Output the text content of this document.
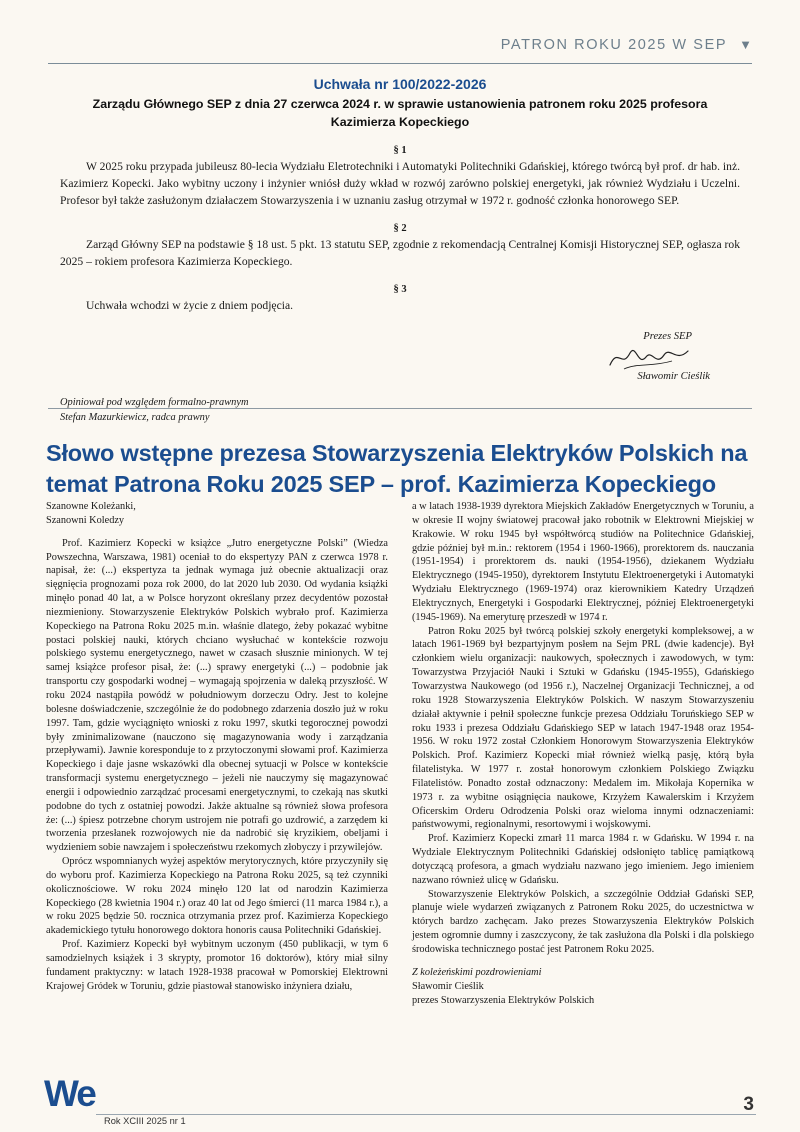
PATRON ROKU 2025 W SEP ▼
Uchwała nr 100/2022-2026
Zarządu Głównego SEP z dnia 27 czerwca 2024 r. w sprawie ustanowienia patronem roku 2025 profesora Kazimierza Kopeckiego
§ 1

W 2025 roku przypada jubileusz 80-lecia Wydziału Eletrotechniki i Automatyki Politechniki Gdańskiej, którego twórcą był prof. dr hab. inż. Kazimierz Kopecki. Jako wybitny uczony i inżynier wniósł duży wkład w rozwój zarówno polskiej energetyki, jak również Wydziału i Uczelni. Profesor był także zasłużonym działaczem Stowarzyszenia i w uznaniu zasług otrzymał w 1972 r. godność członka honorowego SEP.

§ 2

Zarząd Główny SEP na podstawie § 18 ust. 5 pkt. 13 statutu SEP, zgodnie z rekomendacją Centralnej Komisji Historycznej SEP, ogłasza rok 2025 – rokiem profesora Kazimierza Kopeckiego.

§ 3

Uchwała wchodzi w życie z dniem podjęcia.

Prezes SEP
Sławomir Cieślik
Opiniował pod względem formalno-prawnym
Stefan Mazurkiewicz, radca prawny
Słowo wstępne prezesa Stowarzyszenia Elektryków Polskich na temat Patrona Roku 2025 SEP – prof. Kazimierza Kopeckiego

Szanowne Koleżanki,
Szanowni Koledzy

Prof. Kazimierz Kopecki w książce „Jutro energetyczne Polski” (Wiedza Powszechna, Warszawa, 1981) oceniał to do ekspertyzy PAN z czerwca 1978 r. napisał, że: (...) ekspertyza ta jednak wymaga już obecnie aktualizacji oraz sięgnięcia prognozami poza rok 2000, do lat 2020 lub 2030. Od wydania książki minęło ponad 40 lat, a w Polsce horyzont określany przez decydentów pozostał niezmieniony. Stowarzyszenie Elektryków Polskich wybrało prof. Kazimierza Kopeckiego na Patrona Roku 2025 m.in. właśnie dlatego, żeby pokazać wybitne postaci polskiej nauki, których chciano wysłuchać w kontekście rozwoju polskiego systemu energetycznego, nawet w czasach słusznie minionych. W tej samej książce profesor pisał, że: (...) sprawy energetyki (...) – podobnie jak transportu czy gospodarki wodnej – wymagają spojrzenia w daleką przyszłość. W roku 2024 nastąpiła powódź w południowym dorzeczu Odry. Jest to kolejne bolesne doświadczenie, szczególnie że do podobnego zdarzenia doszło już w roku 1997. Tam, gdzie wyciągnięto wnioski z roku 1997, skutki tegorocznej powodzi były zminimalizowane (nauczono się magazynowania wody i zarządzania przepływami). Jawnie koresponduje to z przytoczonymi słowami prof. Kazimierza Kopeckiego i daje jasne wskazówki dla obecnej sytuacji w Polsce w kontekście transformacji systemu energetycznego – jeżeli nie nauczymy się magazynować energii i odpowiednio zarządzać procesami energetycznymi, to czekają nas skutki podobne do tych z ostatniej powodzi. Jakże aktualne są również słowa profesora że: (...) śpiesz potrzebne chorym ustrojem nie potrafi go uzdrowić, a zarzędem ki tworzenia przesłanek rozwojowych nie da nadrobić się kryzikiem, obeljami i wydzieniem sobie nawzajem i społeczeństwu rzekomych złobyczy i przywilejów.

Oprócz wspomnianych wyżej aspektów merytorycznych, które przyczyniły się do wyboru prof. Kazimierza Kopeckiego na Patrona Roku 2025, są też czynniki okolicznościowe. W roku 2024 minęło 120 lat od narodzin Kazimierza Kopeckiego (28 kwietnia 1904 r.) oraz 40 lat od Jego śmierci (11 marca 1984 r.), a w roku 2025 będzie 50. rocznica otrzymania przez prof. Kazimierza Kopeckiego akademickiego tytułu honorowego doktora honoris causa Politechniki Gdańskiej.

Prof. Kazimierz Kopecki był wybitnym uczonym (450 publikacji, w tym 6 samodzielnych książek i 3 skrypty, promotor 16 doktorów), który miał silny fundament praktyczny: w latach 1928-1938 pracował w Pomorskiej Elektrowni Krajowej Gródek w Toruniu, gdzie piastował stanowisko inżyniera działu,

a w latach 1938-1939 dyrektora Miejskich Zakładów Energetycznych w Toruniu, a w okresie II wojny światowej pracował jako robotnik w Elektrowni Miejskiej w Krakowie. W roku 1945 był współtwórcą studiów na Politechnice Gdańskiej, gdzie później był m.in.: rektorem (1954 i 1960-1966), prorektorem ds. nauczania (1951-1954) i prorektorem ds. nauki (1954-1956), dziekanem Wydziału Elektrycznego (1945-1950), dyrektorem Instytutu Elektroenergetyki i Automatyki Wydziału Elektrycznego (1969-1974) oraz kierownikiem Katedry Urządzeń Elektrycznych, Energetyki i Gospodarki Elektrycznej, później Elektroenergetyki (1945-1969). Na emeryturę przeszedł w 1974 r.

Patron Roku 2025 był twórcą polskiej szkoły energetyki kompleksowej, a w latach 1961-1969 był bezpartyjnym posłem na Sejm PRL (dwie kadencje). Był członkiem wielu organizacji: naukowych, społecznych i zawodowych, w tym: Towarzystwa Przyjaciół Nauki i Sztuki w Gdańsku (1945-1955), Gdańskiego Towarzystwa Naukowego (od 1956 r.), Naczelnej Organizacji Technicznej, a od roku 1928 Stowarzyszenia Elektryków Polskich. W naszym Stowarzyszeniu działał aktywnie i pełnił społeczne funkcje prezesa Oddziału Toruńskiego SEP w roku 1933 i prezesa Oddziału Gdańskiego SEP w latach 1947-1948 oraz 1954-1956. W roku 1972 został Członkiem Honorowym Stowarzyszenia Elektryków Polskich. Prof. Kazimierz Kopecki miał również wielką pasję, którą była filatelistyka. W 1977 r. został honorowym członkiem Polskiego Związku Filatelistów. Ponadto został odznaczony: Medalem im. Mikołaja Kopernika w 1973 r. za wybitne osiągnięcia naukowe, Krzyżem Kawalerskim i Krzyżem Oficerskim Orderu Odrodzenia Polski oraz wieloma innymi odznaczeniami: państwowymi, regionalnymi, resortowymi i wojskowymi.

Prof. Kazimierz Kopecki zmarł 11 marca 1984 r. w Gdańsku. W 1994 r. na Wydziale Elektrycznym Politechniki Gdańskiej odsłonięto tablicę pamiątkową dotyczącą profesora, a gmach wydziału nazwano jego imieniem. Jego imieniem nazwano również ulicę w Gdańsku.

Stowarzyszenie Elektryków Polskich, a szczególnie Oddział Gdański SEP, planuje wiele wydarzeń związanych z Patronem Roku 2025, do uczestnictwa w których bardzo zachęcam. Jako prezes Stowarzyszenia Elektryków Polskich jestem ogromnie dumny i zaszczycony, że tak zasłużona dla Polski i dla polskiego środowiska technicznego postać jest Patronem Roku 2025.

Z koleżeńskimi pozdrowieniami

Sławomir Cieślik

prezes Stowarzyszenia Elektryków Polskich

We
Rok XCIII 2025 nr 1
3
